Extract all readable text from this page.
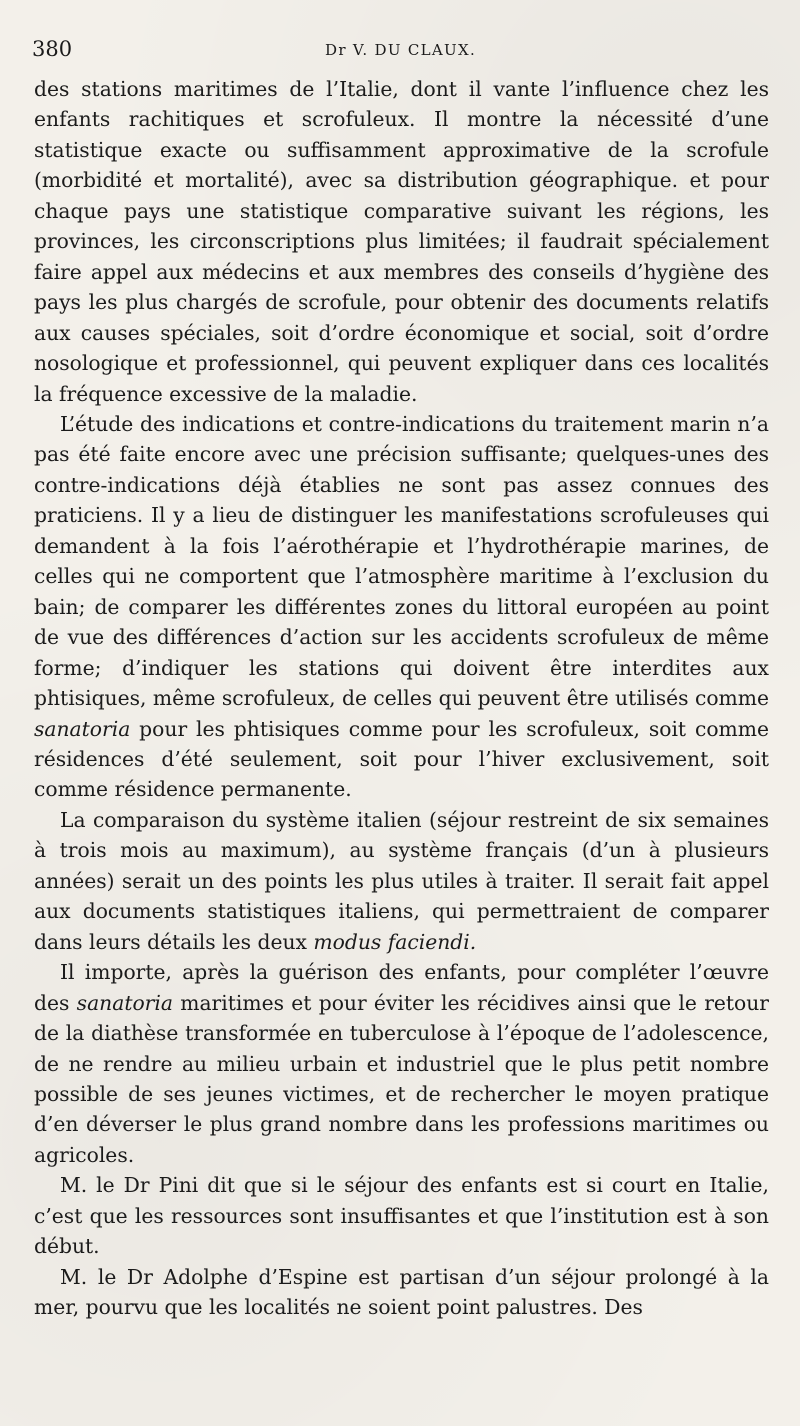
380	Dr V. DU CLAUX.

des stations maritimes de l’Italie, dont il vante l’influence chez les enfants rachitiques et scrofuleux. Il montre la nécessité d’une statistique exacte ou suffisamment approximative de la scrofule (morbidité et mortalité), avec sa distribution géographique. et pour chaque pays une statistique comparative suivant les régions, les provinces, les circonscriptions plus limitées; il faudrait spécialement faire appel aux médecins et aux membres des conseils d’hygiène des pays les plus chargés de scrofule, pour obtenir des documents relatifs aux causes spéciales, soit d’ordre économique et social, soit d’ordre nosologique et professionnel, qui peuvent expliquer dans ces localités la fréquence excessive de la maladie.

L’étude des indications et contre-indications du traitement marin n’a pas été faite encore avec une précision suffisante; quelques-unes des contre-indications déjà établies ne sont pas assez connues des praticiens. Il y a lieu de distinguer les manifestations scrofuleuses qui demandent à la fois l’aérothérapie et l’hydrothérapie marines, de celles qui ne comportent que l’atmosphère maritime à l’exclusion du bain; de comparer les différentes zones du littoral européen au point de vue des différences d’action sur les accidents scrofuleux de même forme; d’indiquer les stations qui doivent être interdites aux phtisiques, même scrofuleux, de celles qui peuvent être utilisés comme sanatoria pour les phtisiques comme pour les scrofuleux, soit comme résidences d’été seulement, soit pour l’hiver exclusivement, soit comme résidence permanente.

La comparaison du système italien (séjour restreint de six semaines à trois mois au maximum), au système français (d’un à plusieurs années) serait un des points les plus utiles à traiter. Il serait fait appel aux documents statistiques italiens, qui permettraient de comparer dans leurs détails les deux modus faciendi.

Il importe, après la guérison des enfants, pour compléter l’œuvre des sanatoria maritimes et pour éviter les récidives ainsi que le retour de la diathèse transformée en tuberculose à l’époque de l’adolescence, de ne rendre au milieu urbain et industriel que le plus petit nombre possible de ses jeunes victimes, et de rechercher le moyen pratique d’en déverser le plus grand nombre dans les professions maritimes ou agricoles.

M. le Dr Pini dit que si le séjour des enfants est si court en Italie, c’est que les ressources sont insuffisantes et que l’institution est à son début.

M. le Dr Adolphe d’Espine est partisan d’un séjour prolongé à la mer, pourvu que les localités ne soient point palustres. Des
